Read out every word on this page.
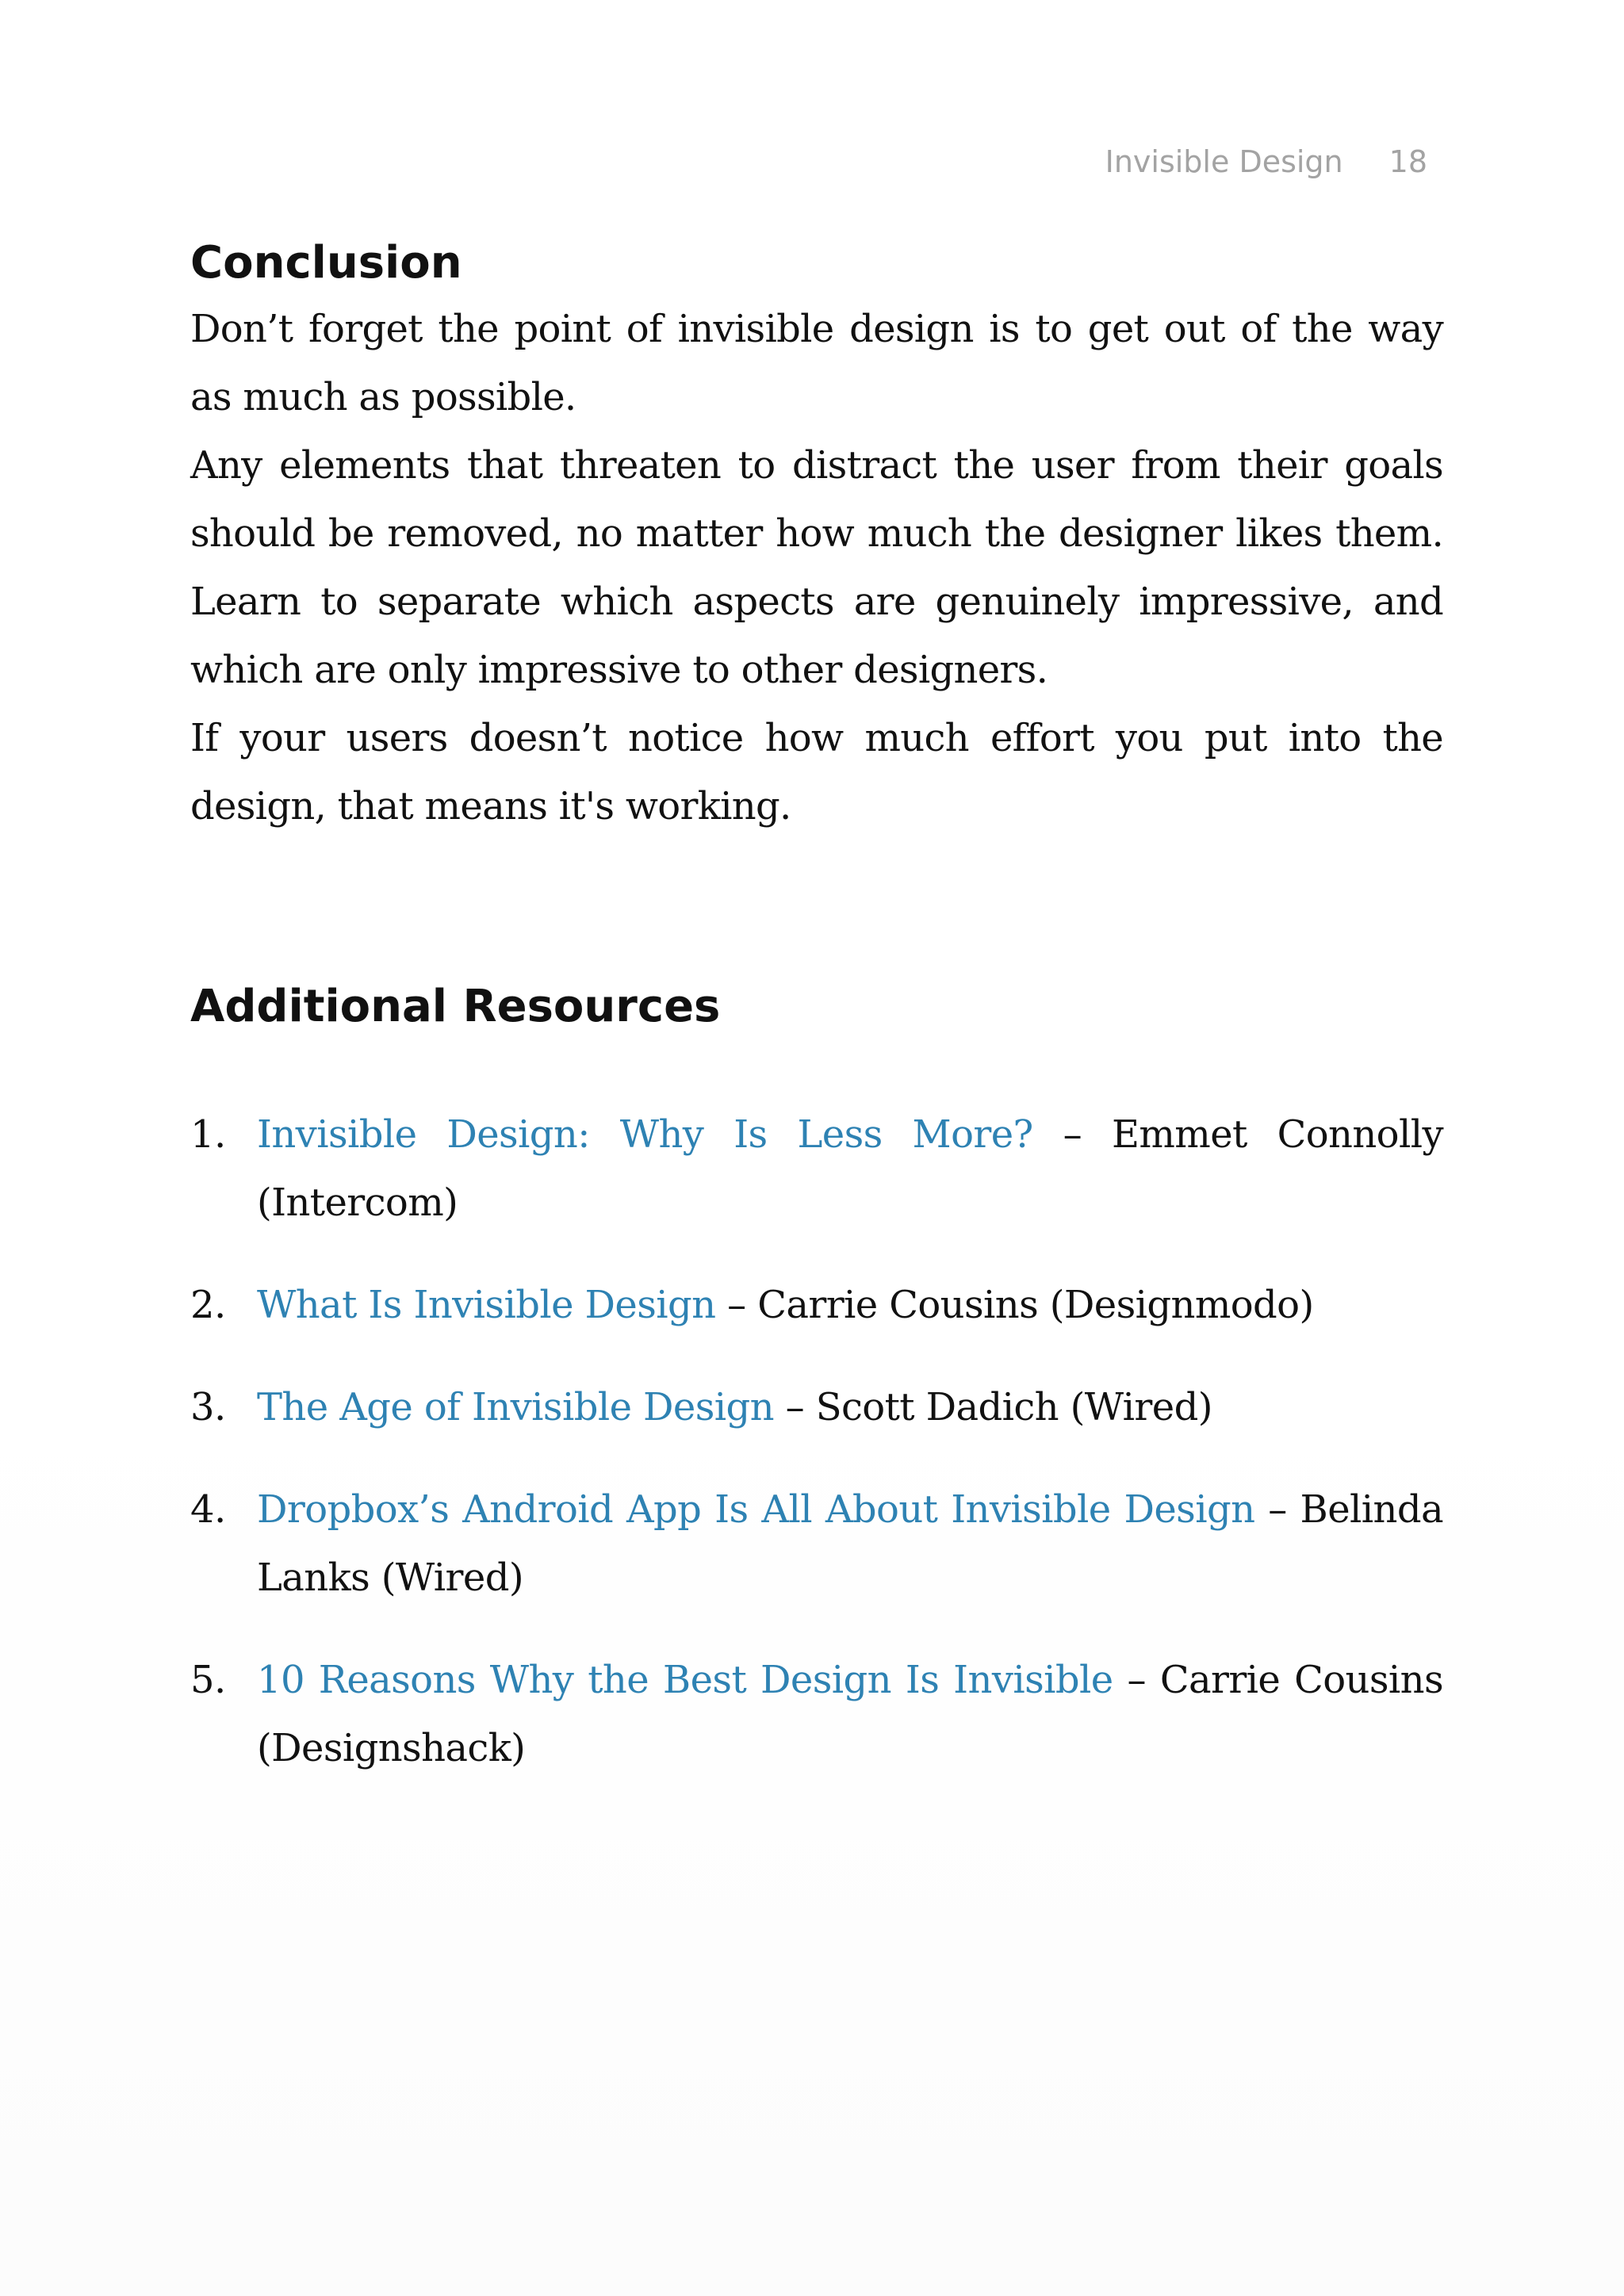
Invisible Design 18
Conclusion

Don’t forget the point of invisible design is to get out of the way as much as possible.

Any elements that threaten to distract the user from their goals should be removed, no matter how much the designer likes them. Learn to separate which aspects are genuinely impressive, and which are only impressive to other designers.

If your users doesn’t notice how much effort you put into the design, that means it's working.

Additional Resources
1. Invisible Design: Why Is Less More? – Emmet Connolly (Intercom)
2. What Is Invisible Design – Carrie Cousins (Designmodo)
3. The Age of Invisible Design – Scott Dadich (Wired)
4. Dropbox’s Android App Is All About Invisible Design – Belinda Lanks (Wired)
5. 10 Reasons Why the Best Design Is Invisible – Carrie Cousins (Designshack)
